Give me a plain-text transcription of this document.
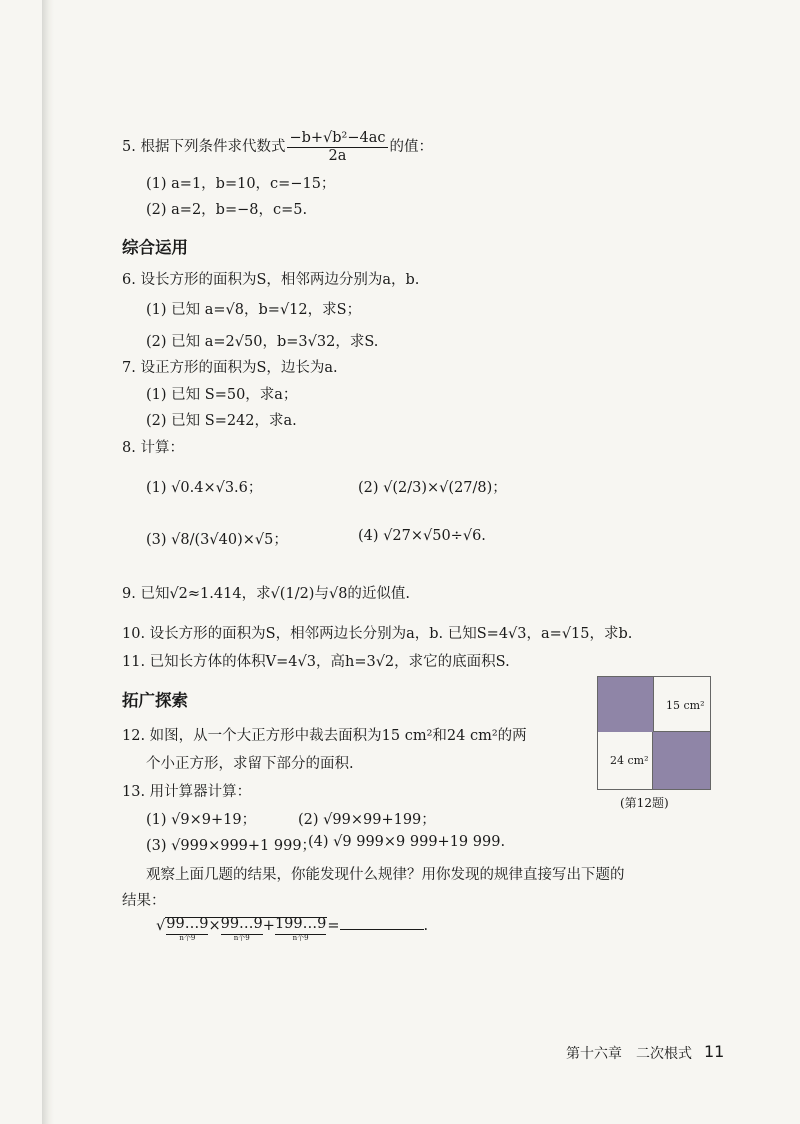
5. 根据下列条件求代数式 $\frac{\text{−b+√b²−4ac}}{2a}$ 的值：
(1) a=1，b=10，c=−15；
(2) a=2，b=−8，c=5.
综合运用
6. 设长方形的面积为S，相邻两边分别为a，b.
(1) 已知 a=√8，b=√12，求S；
(2) 已知 a=2√50，b=3√32，求S.
7. 设正方形的面积为S，边长为a.
(1) 已知 S=50，求a；
(2) 已知 S=242，求a.
8. 计算：
(1) √0.4×√3.6；	(2) √(2/3)×√(27/8)；
(3) √8/(3√40)×√5；	(4) √27×√50÷√6.
9. 已知√2≈1.414，求√(1/2)与√8的近似值.
10. 设长方形的面积为S，相邻两边长分别为a，b. 已知S=4√3，a=√15，求b.
11. 已知长方体的体积V=4√3，高h=3√2，求它的底面积S.
拓广探索
12. 如图，从一个大正方形中裁去面积为15 cm²和24 cm²的两
个小正方形，求留下部分的面积.
15 cm²
24 cm²
(第12题)
13. 用计算器计算：
(1) √9×9+19；	(2) √99×99+199；
(3) √999×999+1 999；
(4) √9 999×9 999+19 999.
观察上面几题的结果，你能发现什么规律？用你发现的规律直接写出下题的
结果：
√ 99…9
n个9
× 99…9
n个9
+ 199…9
n个9
=	.
第十六章　二次根式 11
